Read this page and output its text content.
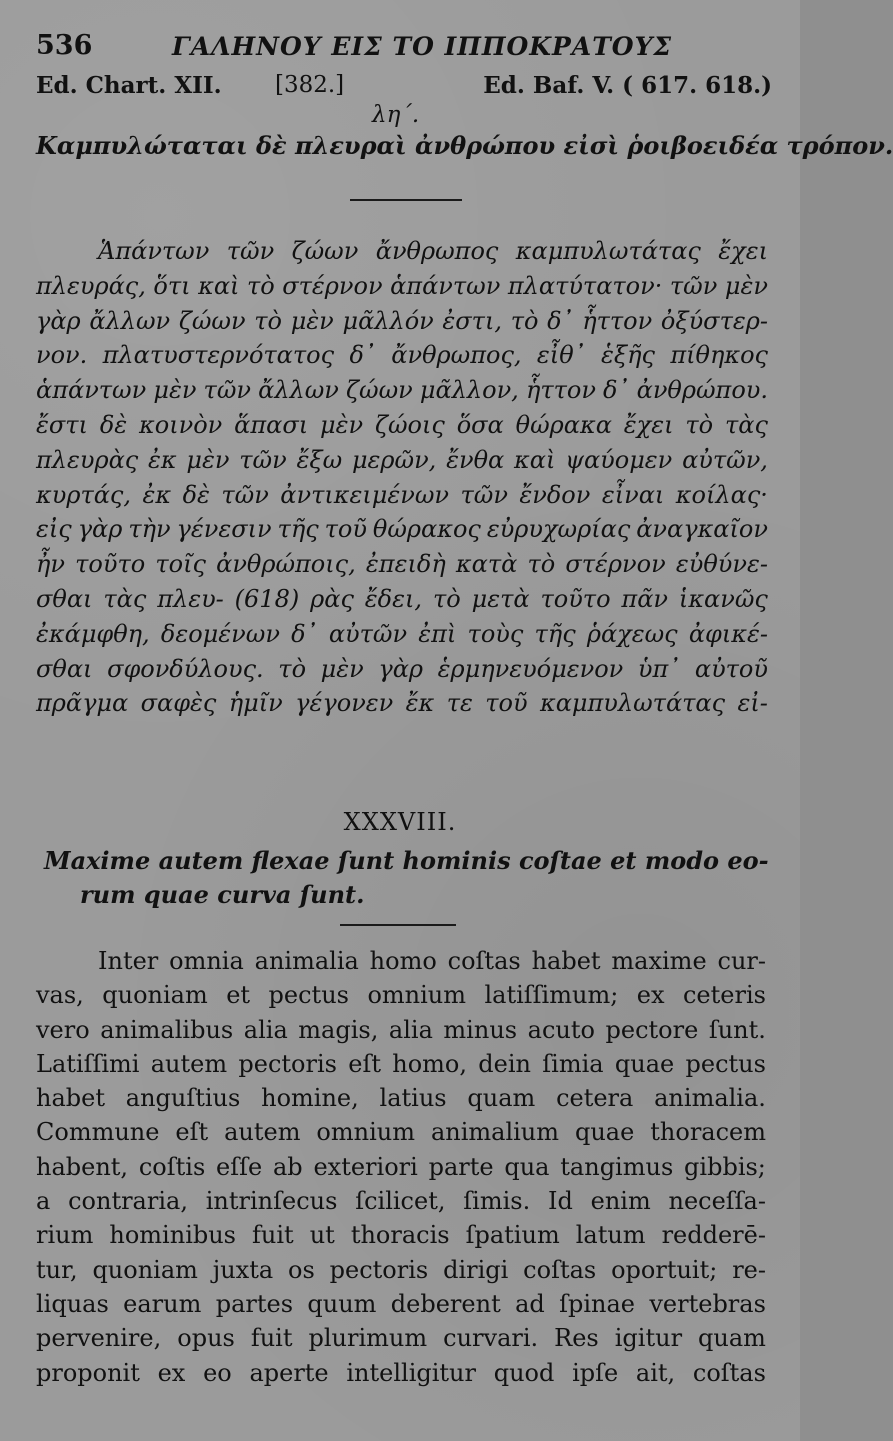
536	ΓΑΛΗΝΟΥ ΕΙΣ ΤΟ ΙΠΠΟΚΡΑΤΟΥΣ
Ed. Chart. XII. [382.]	Ed. Baf. V. ( 617. 618.)
λη΄.
Καμπυλώταται δὲ πλευραὶ ἀνθρώπου εἰσὶ ῥοιβοειδέα τρόπον.
Ἁπάντων τῶν ζώων ἄνθρωπος καμπυλωτάτας ἔχει
πλευράς, ὅτι καὶ τὸ στέρνον ἁπάντων πλατύτατον· τῶν μὲν
γὰρ ἄλλων ζώων τὸ μὲν μᾶλλόν ἐστι, τὸ δ᾽ ἧττον ὀξύστερ-
νον. πλατυστερνότατος δ᾽ ἄνθρωπος, εἶθ᾽ ἑξῆς πίθηκος
ἁπάντων μὲν τῶν ἄλλων ζώων μᾶλλον, ἧττον δ᾽ ἀνθρώπου.
ἔστι δὲ κοινὸν ἅπασι μὲν ζώοις ὅσα θώρακα ἔχει τὸ τὰς
πλευρὰς ἐκ μὲν τῶν ἔξω μερῶν, ἔνθα καὶ ψαύομεν αὐτῶν,
κυρτάς, ἐκ δὲ τῶν ἀντικειμένων τῶν ἔνδον εἶναι κοίλας·
εἰς γὰρ τὴν γένεσιν τῆς τοῦ θώρακος εὐρυχωρίας ἀναγκαῖον
ἦν τοῦτο τοῖς ἀνθρώποις, ἐπειδὴ κατὰ τὸ στέρνον εὐθύνε-
σθαι τὰς πλευ- (618) ρὰς ἔδει, τὸ μετὰ τοῦτο πᾶν ἱκανῶς
ἐκάμφθη, δεομένων δ᾽ αὐτῶν ἐπὶ τοὺς τῆς ῥάχεως ἀφικέ-
σθαι σφονδύλους. τὸ μὲν γὰρ ἑρμηνευόμενον ὑπ᾽ αὐτοῦ
πρᾶγμα σαφὲς ἡμῖν γέγονεν ἔκ τε τοῦ καμπυλωτάτας εἰ-
XXXVIII.
Maxime autem flexae ſunt hominis coſtae et modo eo-
rum quae curva ſunt.
Inter omnia animalia homo coſtas habet maxime cur-
vas, quoniam et pectus omnium latiſſimum; ex ceteris
vero animalibus alia magis, alia minus acuto pectore ſunt.
Latiſſimi autem pectoris eſt homo, dein ſimia quae pectus
habet anguſtius homine, latius quam cetera animalia.
Commune eſt autem omnium animalium quae thoracem
habent, coſtis eſſe ab exteriori parte qua tangimus gibbis;
a contraria, intrinſecus ſcilicet, ſimis. Id enim neceſſa-
rium hominibus fuit ut thoracis ſpatium latum redderē-
tur, quoniam juxta os pectoris dirigi coſtas oportuit; re-
liquas earum partes quum deberent ad ſpinae vertebras
pervenire, opus fuit plurimum curvari. Res igitur quam
proponit ex eo aperte intelligitur quod ipſe ait, coſtas
